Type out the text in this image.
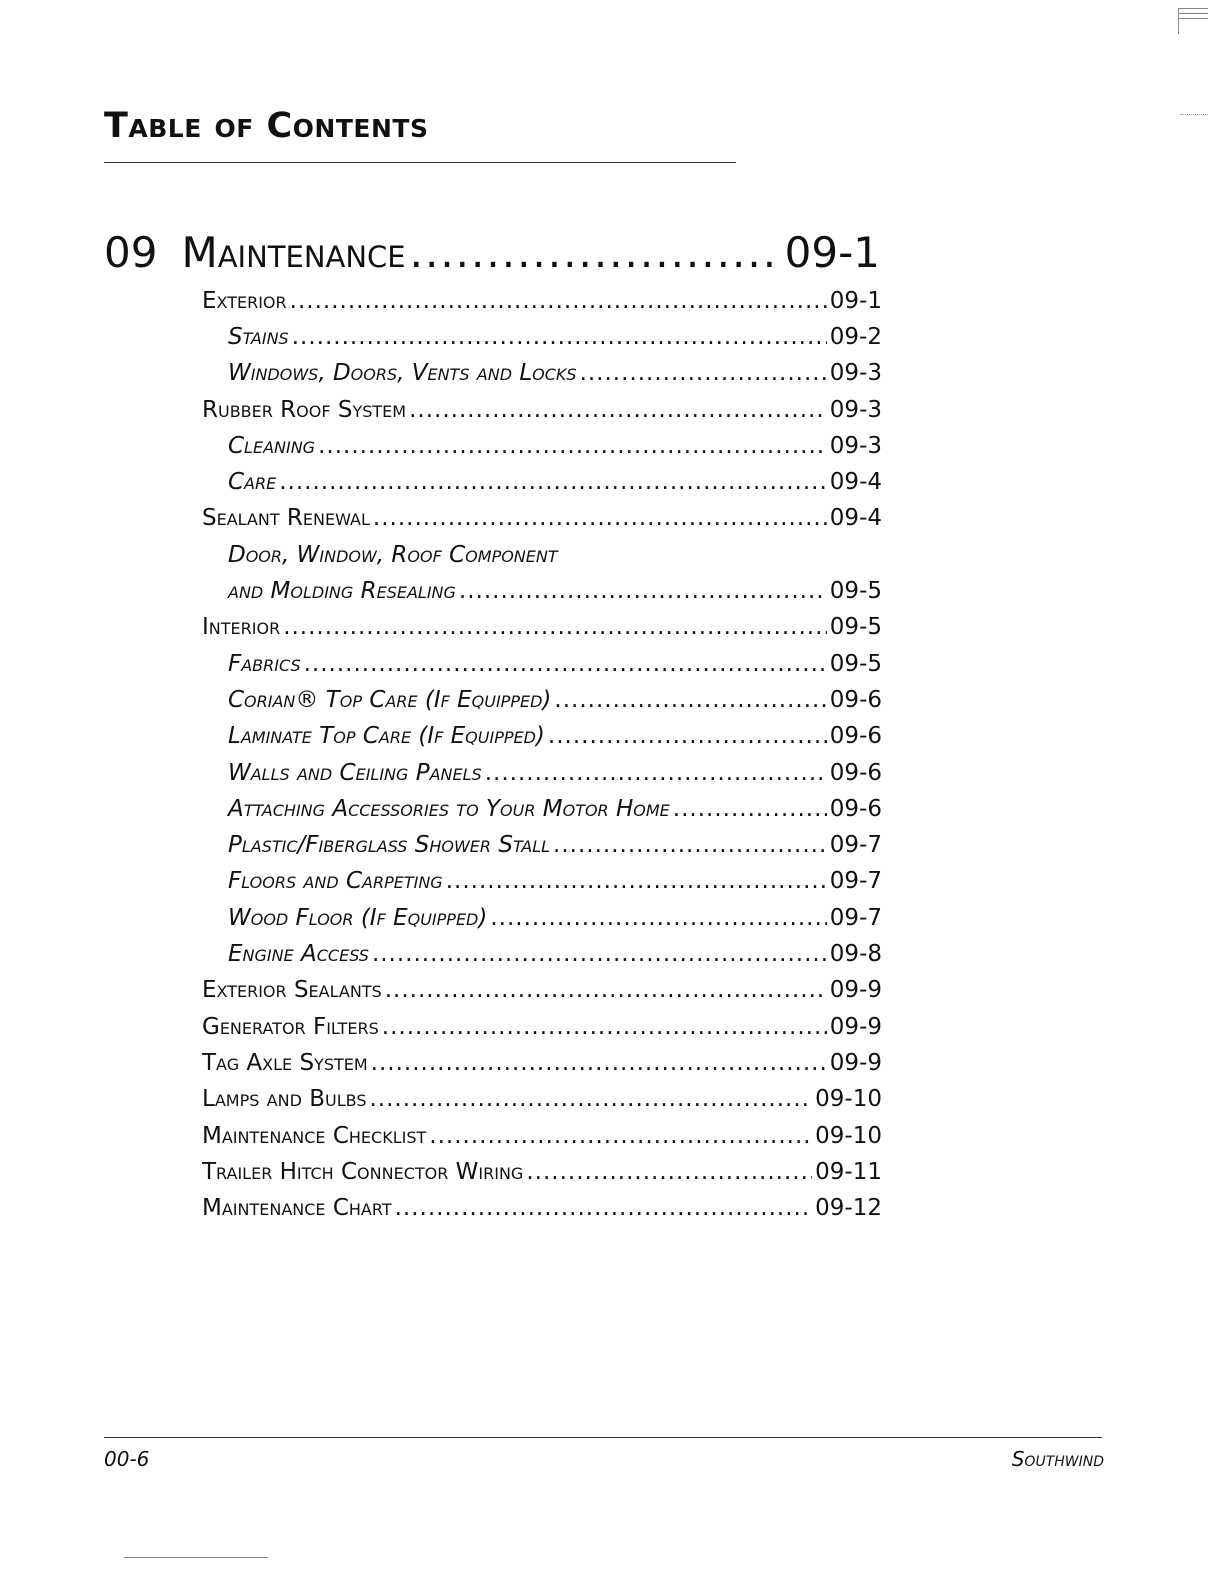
Table of Contents
09 Maintenance .....	09-1
Exterior .....	09-1
Stains .....	09-2
Windows, Doors, Vents and Locks .....	09-3
Rubber Roof System .....	09-3
Cleaning .....	09-3
Care .....	09-4
Sealant Renewal .....	09-4
Door, Window, Roof Component
and Molding Resealing .....	09-5
Interior .....	09-5
Fabrics .....	09-5
Corian® Top Care (If Equipped) .....	09-6
Laminate Top Care (If Equipped) .....	09-6
Walls and Ceiling Panels .....	09-6
Attaching Accessories to Your Motor Home .....	09-6
Plastic/Fiberglass Shower Stall .....	09-7
Floors and Carpeting .....	09-7
Wood Floor (If Equipped) .....	09-7
Engine Access .....	09-8
Exterior Sealants .....	09-9
Generator Filters .....	09-9
Tag Axle System .....	09-9
Lamps and Bulbs .....	09-10
Maintenance Checklist .....	09-10
Trailer Hitch Connector Wiring .....	09-11
Maintenance Chart .....	09-12
00-6	Southwind
